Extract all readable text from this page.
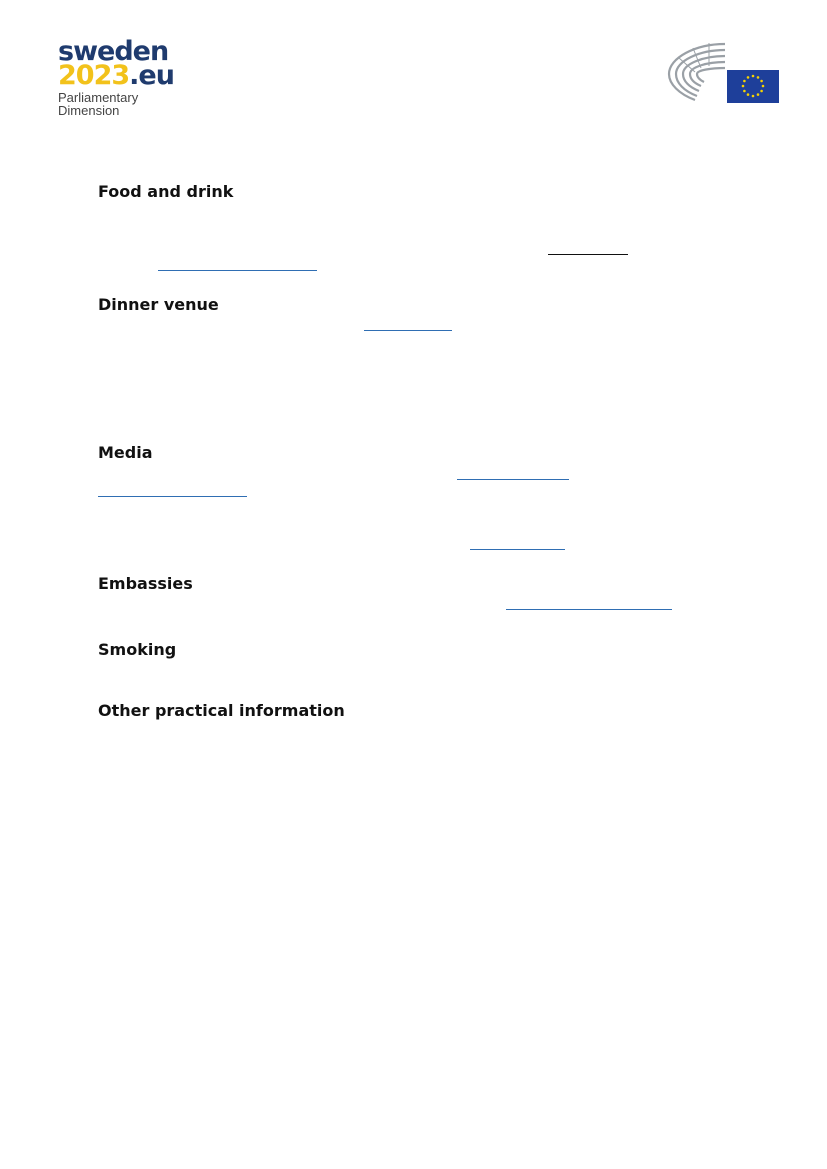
sweden
2023.eu
Parliamentary
Dimension
Food and drink
Dinner venue
Media
Embassies
Smoking
Other practical information
